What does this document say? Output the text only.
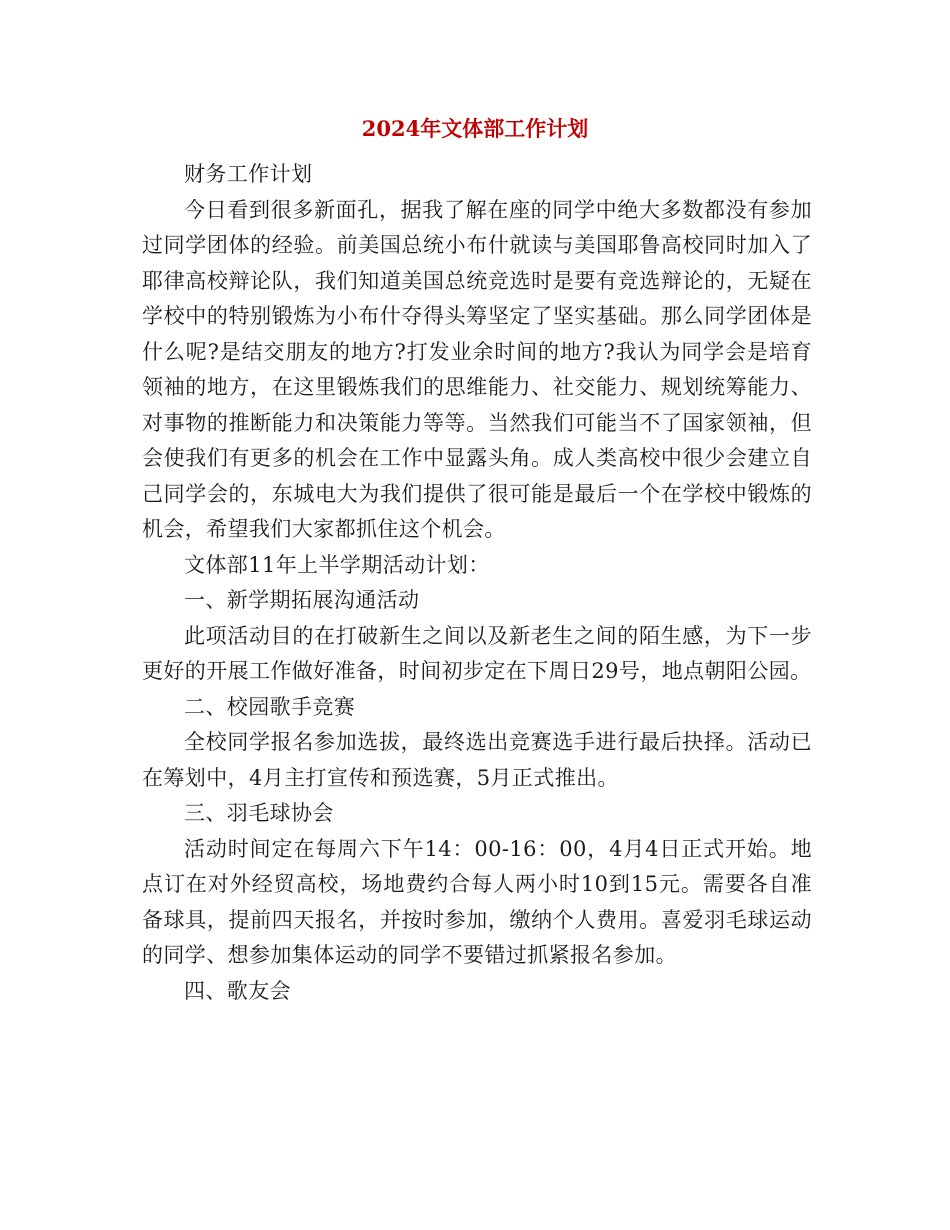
2024年文体部工作计划

财务工作计划

今日看到很多新面孔，据我了解在座的同学中绝大多数都没有参加过同学团体的经验。前美国总统小布什就读与美国耶鲁高校同时加入了耶律高校辩论队，我们知道美国总统竞选时是要有竞选辩论的，无疑在学校中的特别锻炼为小布什夺得头筹坚定了坚实基础。那么同学团体是什么呢?是结交朋友的地方?打发业余时间的地方?我认为同学会是培育领袖的地方，在这里锻炼我们的思维能力、社交能力、规划统筹能力、对事物的推断能力和决策能力等等。当然我们可能当不了国家领袖，但会使我们有更多的机会在工作中显露头角。成人类高校中很少会建立自己同学会的，东城电大为我们提供了很可能是最后一个在学校中锻炼的机会，希望我们大家都抓住这个机会。

文体部11年上半学期活动计划：

一、新学期拓展沟通活动

此项活动目的在打破新生之间以及新老生之间的陌生感，为下一步更好的开展工作做好准备，时间初步定在下周日29号，地点朝阳公园。

二、校园歌手竞赛

全校同学报名参加选拔，最终选出竞赛选手进行最后抉择。活动已在筹划中，4月主打宣传和预选赛，5月正式推出。

三、羽毛球协会

活动时间定在每周六下午14：00-16：00，4月4日正式开始。地点订在对外经贸高校，场地费约合每人两小时10到15元。需要各自准备球具，提前四天报名，并按时参加，缴纳个人费用。喜爱羽毛球运动的同学、想参加集体运动的同学不要错过抓紧报名参加。

四、歌友会
